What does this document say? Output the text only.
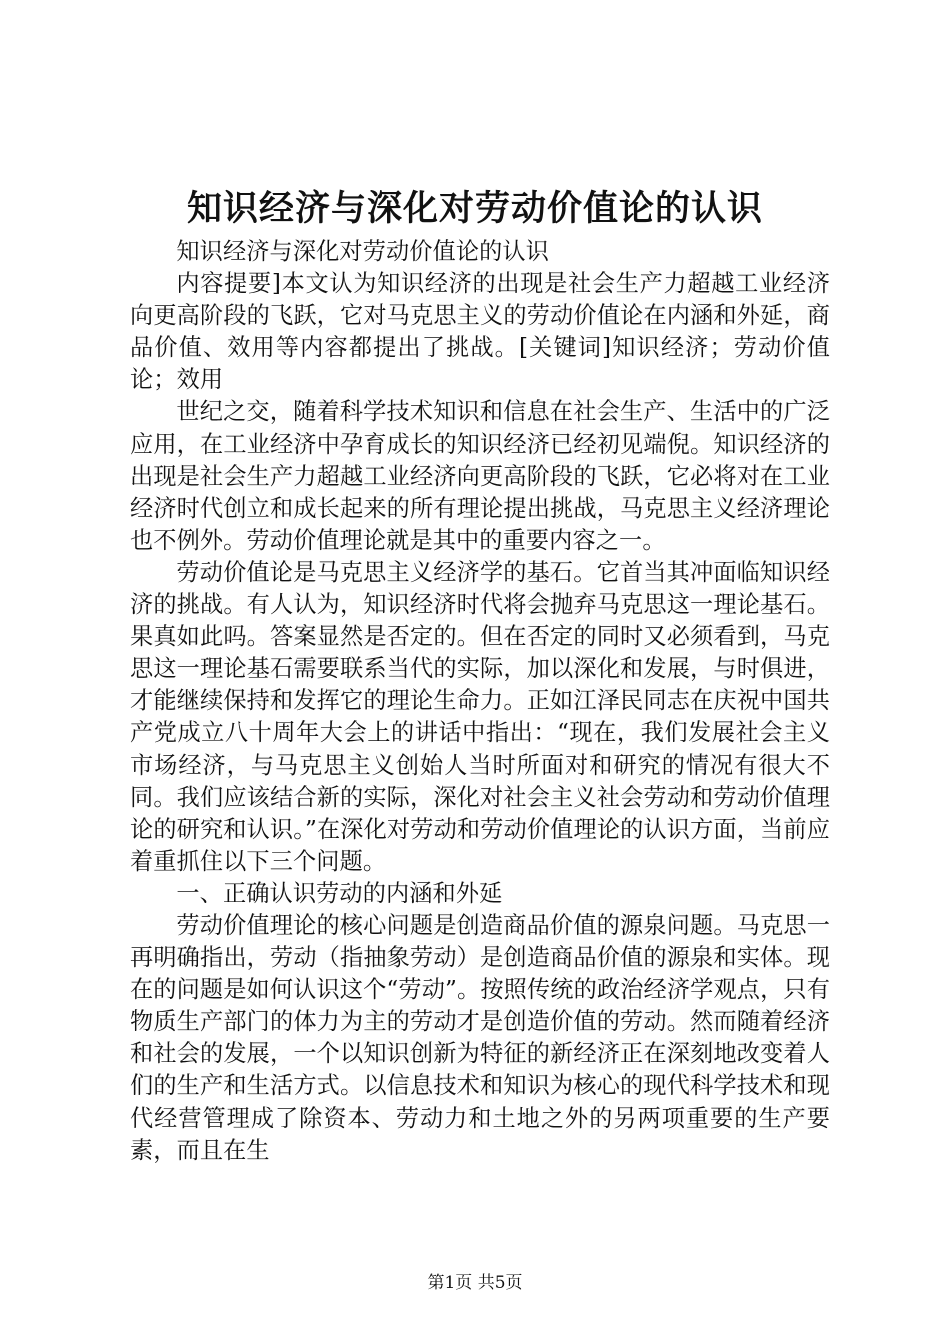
知识经济与深化对劳动价值论的认识

知识经济与深化对劳动价值论的认识

内容提要]本文认为知识经济的出现是社会生产力超越工业经济向更高阶段的飞跃，它对马克思主义的劳动价值论在内涵和外延，商品价值、效用等内容都提出了挑战。[关键词]知识经济；劳动价值论；效用

世纪之交，随着科学技术知识和信息在社会生产、生活中的广泛应用，在工业经济中孕育成长的知识经济已经初见端倪。知识经济的出现是社会生产力超越工业经济向更高阶段的飞跃，它必将对在工业经济时代创立和成长起来的所有理论提出挑战，马克思主义经济理论也不例外。劳动价值理论就是其中的重要内容之一。

劳动价值论是马克思主义经济学的基石。它首当其冲面临知识经济的挑战。有人认为，知识经济时代将会抛弃马克思这一理论基石。果真如此吗。答案显然是否定的。但在否定的同时又必须看到，马克思这一理论基石需要联系当代的实际，加以深化和发展，与时俱进，才能继续保持和发挥它的理论生命力。正如江泽民同志在庆祝中国共产党成立八十周年大会上的讲话中指出：“现在，我们发展社会主义市场经济，与马克思主义创始人当时所面对和研究的情况有很大不同。我们应该结合新的实际，深化对社会主义社会劳动和劳动价值理论的研究和认识。”在深化对劳动和劳动价值理论的认识方面，当前应着重抓住以下三个问题。

一、正确认识劳动的内涵和外延

劳动价值理论的核心问题是创造商品价值的源泉问题。马克思一再明确指出，劳动（指抽象劳动）是创造商品价值的源泉和实体。现在的问题是如何认识这个“劳动”。按照传统的政治经济学观点，只有物质生产部门的体力为主的劳动才是创造价值的劳动。然而随着经济和社会的发展，一个以知识创新为特征的新经济正在深刻地改变着人们的生产和生活方式。以信息技术和知识为核心的现代科学技术和现代经营管理成了除资本、劳动力和土地之外的另两项重要的生产要素，而且在生

第1页 共5页
